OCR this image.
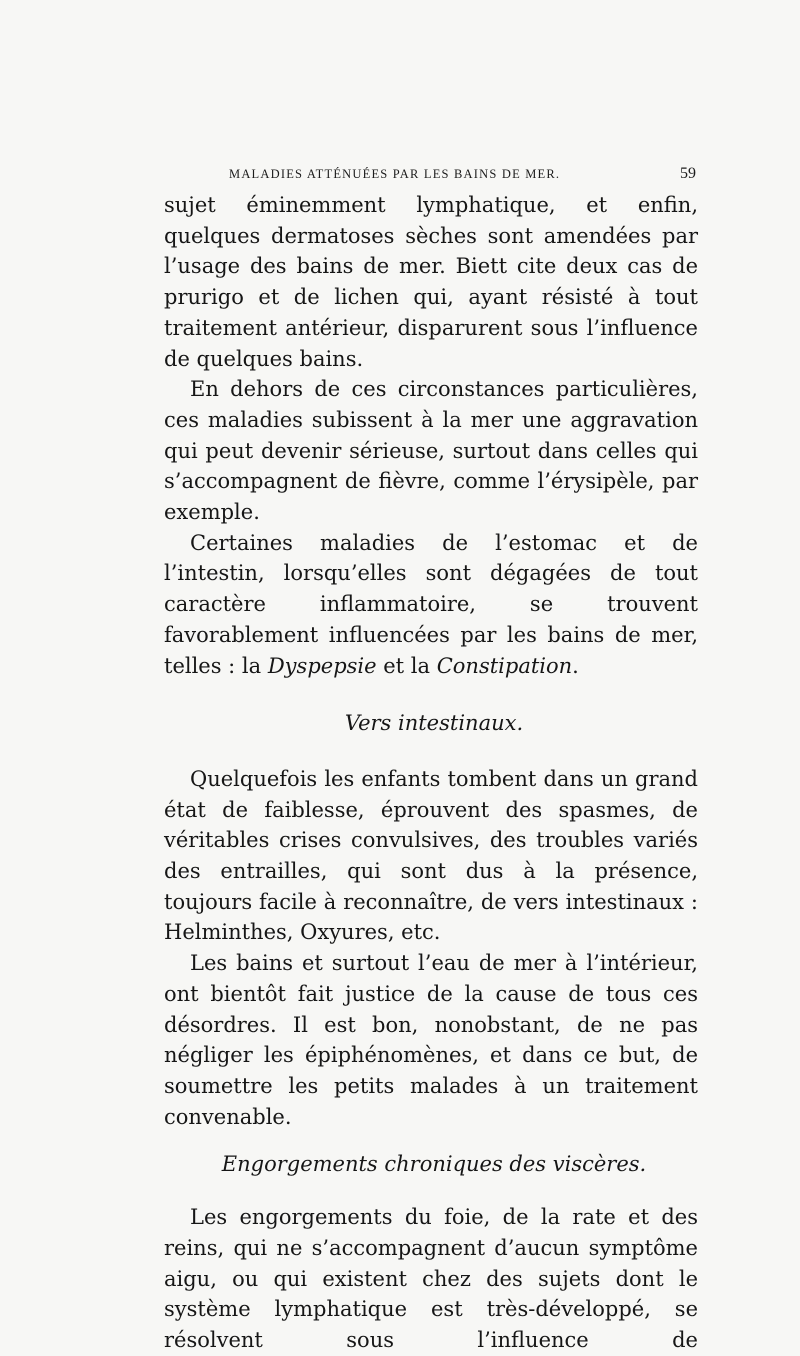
MALADIES ATTÉNUÉES PAR LES BAINS DE MER.	59

sujet éminemment lymphatique, et enfin, quelques dermatoses sèches sont amendées par l’usage des bains de mer. Biett cite deux cas de prurigo et de lichen qui, ayant résisté à tout traitement antérieur, disparurent sous l’influence de quelques bains.

En dehors de ces circonstances particulières, ces maladies subissent à la mer une aggravation qui peut devenir sérieuse, surtout dans celles qui s’accompagnent de fièvre, comme l’érysipèle, par exemple.

Certaines maladies de l’estomac et de l’intestin, lorsqu’elles sont dégagées de tout caractère inflammatoire, se trouvent favorablement influencées par les bains de mer, telles : la Dyspepsie et la Constipation.

Vers intestinaux.

Quelquefois les enfants tombent dans un grand état de faiblesse, éprouvent des spasmes, de véritables crises convulsives, des troubles variés des entrailles, qui sont dus à la présence, toujours facile à reconnaître, de vers intestinaux : Helminthes, Oxyures, etc.

Les bains et surtout l’eau de mer à l’intérieur, ont bientôt fait justice de la cause de tous ces désordres. Il est bon, nonobstant, de ne pas négliger les épiphénomènes, et dans ce but, de soumettre les petits malades à un traitement convenable.

Engorgements chroniques des viscères.

Les engorgements du foie, de la rate et des reins, qui ne s’accompagnent d’aucun symptôme aigu, ou qui existent chez des sujets dont le système lymphatique est très-développé, se résolvent sous l’influence de
